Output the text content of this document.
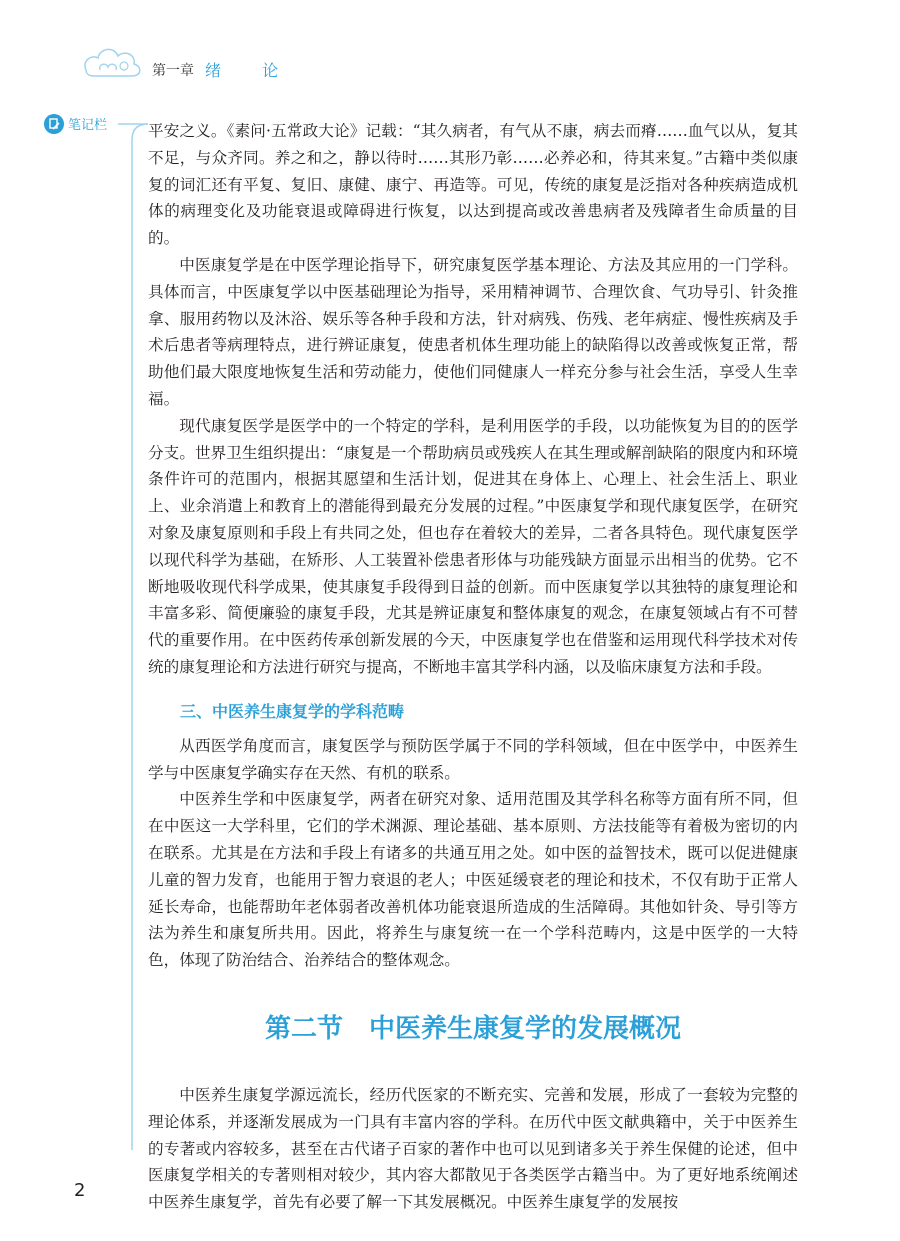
第一章 绪 论
笔记栏	平安之义。《素问·五常政大论》记载：“其久病者，有气从不康，病去而瘠……血气以从，复其不足，与众齐同。养之和之，静以待时……其形乃彰……必养必和，待其来复。”古籍中类似康复的词汇还有平复、复旧、康健、康宁、再造等。可见，传统的康复是泛指对各种疾病造成机体的病理变化及功能衰退或障碍进行恢复，以达到提高或改善患病者及残障者生命质量的目的。

中医康复学是在中医学理论指导下，研究康复医学基本理论、方法及其应用的一门学科。具体而言，中医康复学以中医基础理论为指导，采用精神调节、合理饮食、气功导引、针灸推拿、服用药物以及沐浴、娱乐等各种手段和方法，针对病残、伤残、老年病症、慢性疾病及手术后患者等病理特点，进行辨证康复，使患者机体生理功能上的缺陷得以改善或恢复正常，帮助他们最大限度地恢复生活和劳动能力，使他们同健康人一样充分参与社会生活，享受人生幸福。

现代康复医学是医学中的一个特定的学科，是利用医学的手段，以功能恢复为目的的医学分支。世界卫生组织提出：“康复是一个帮助病员或残疾人在其生理或解剖缺陷的限度内和环境条件许可的范围内，根据其愿望和生活计划，促进其在身体上、心理上、社会生活上、职业上、业余消遣上和教育上的潜能得到最充分发展的过程。”中医康复学和现代康复医学，在研究对象及康复原则和手段上有共同之处，但也存在着较大的差异，二者各具特色。现代康复医学以现代科学为基础，在矫形、人工装置补偿患者形体与功能残缺方面显示出相当的优势。它不断地吸收现代科学成果，使其康复手段得到日益的创新。而中医康复学以其独特的康复理论和丰富多彩、简便廉验的康复手段，尤其是辨证康复和整体康复的观念，在康复领域占有不可替代的重要作用。在中医药传承创新发展的今天，中医康复学也在借鉴和运用现代科学技术对传统的康复理论和方法进行研究与提高，不断地丰富其学科内涵，以及临床康复方法和手段。

三、中医养生康复学的学科范畴

从西医学角度而言，康复医学与预防医学属于不同的学科领域，但在中医学中，中医养生学与中医康复学确实存在天然、有机的联系。

中医养生学和中医康复学，两者在研究对象、适用范围及其学科名称等方面有所不同，但在中医这一大学科里，它们的学术渊源、理论基础、基本原则、方法技能等有着极为密切的内在联系。尤其是在方法和手段上有诸多的共通互用之处。如中医的益智技术，既可以促进健康儿童的智力发育，也能用于智力衰退的老人；中医延缓衰老的理论和技术，不仅有助于正常人延长寿命，也能帮助年老体弱者改善机体功能衰退所造成的生活障碍。其他如针灸、导引等方法为养生和康复所共用。因此，将养生与康复统一在一个学科范畴内，这是中医学的一大特色，体现了防治结合、治养结合的整体观念。

第二节　中医养生康复学的发展概况

中医养生康复学源远流长，经历代医家的不断充实、完善和发展，形成了一套较为完整的理论体系，并逐渐发展成为一门具有丰富内容的学科。在历代中医文献典籍中，关于中医养生的专著或内容较多，甚至在古代诸子百家的著作中也可以见到诸多关于养生保健的论述，但中医康复学相关的专著则相对较少，其内容大都散见于各类医学古籍当中。为了更好地系统阐述中医养生康复学，首先有必要了解一下其发展概况。中医养生康复学的发展按

2
